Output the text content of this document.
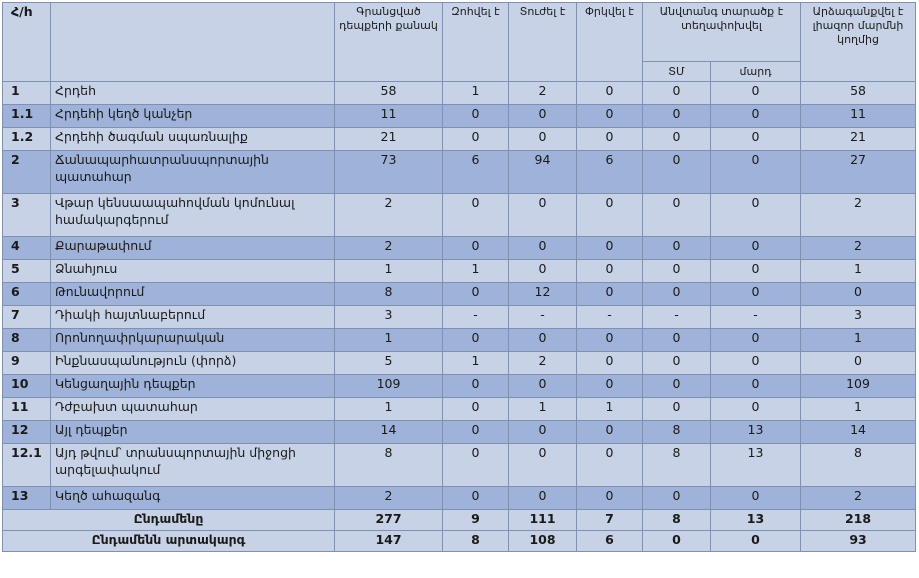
Հ/h		Գրանցված դեպքերի քանակ	Զոհվել է	Տուժել է	Փրկվել է	Անվտանգ տարածք է տեղափոխվել		Արձագանքվել է լիազոր մարմնի կողմից
						ՏՄ	մարդ	
1	Հրդեհ	58	1	2	0	0	0	58
1.1	Հրդեհի կեղծ կանչեր	11	0	0	0	0	0	11
1.2	Հրդեհի ծագման սպառնալիք	21	0	0	0	0	0	21
2	Ճանապարհատրանսպորտային պատահար	73	6	94	6	0	0	27
3	Վթար կենսաապահովման կոմունալ համակարգերում	2	0	0	0	0	0	2
4	Քարաթափում	2	0	0	0	0	0	2
5	Ձնահյուս	1	1	0	0	0	0	1
6	Թունավորում	8	0	12	0	0	0	0
7	Դիակի հայտնաբերում	3	-	-	-	-	-	3
8	Որոնողափրկարարական	1	0	0	0	0	0	1
9	Ինքնասպանություն (փորձ)	5	1	2	0	0	0	0
10	Կենցաղային դեպքեր	109	0	0	0	0	0	109
11	Դժբախտ պատահար	1	0	1	1	0	0	1
12	Այլ դեպքեր	14	0	0	0	8	13	14
12.1	Այդ թվում՝ տրանսպորտային միջոցի արգելափակում	8	0	0	0	8	13	8
13	Կեղծ ահազանգ	2	0	0	0	0	0	2
Ընդամենը		277	9	111	7	8	13	218
Ընդամենն արտակարգ		147	8	108	6	0	0	93
